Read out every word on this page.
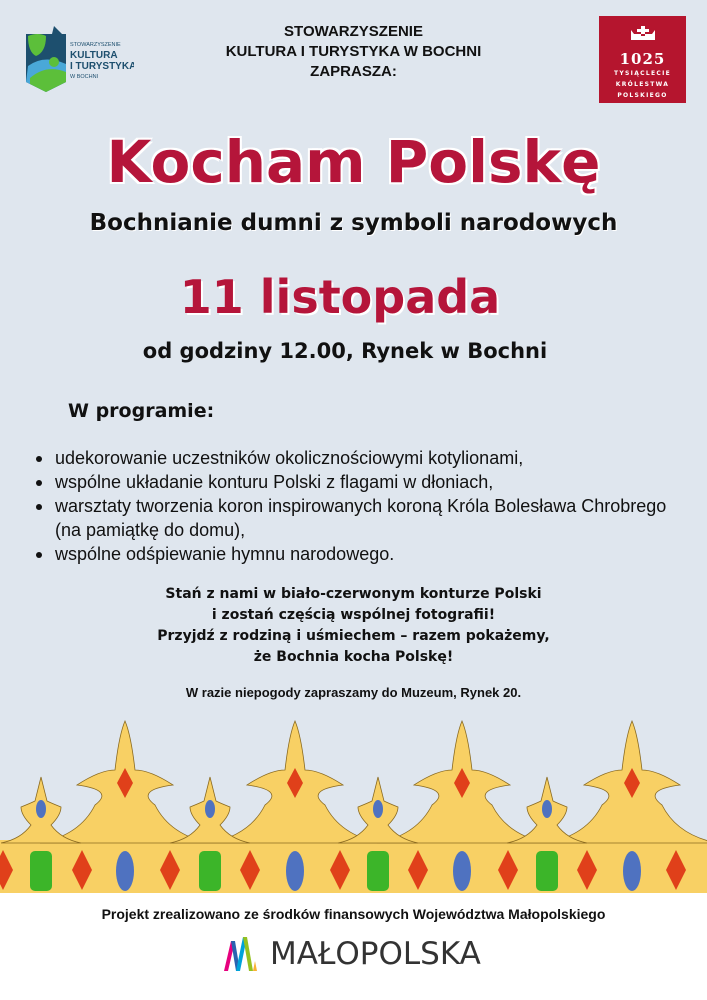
STOWARZYSZENIE
KULTURA
I TURYSTYKA
W BOCHNI
STOWARZYSZENIE
KULTURA I TURYSTYKA W BOCHNI
ZAPRASZA:
1025
TYSIĄCLECIE
KRÓLESTWA
POLSKIEGO
Kocham Polskę
Bochnianie dumni z symboli narodowych
11 listopada
od godziny 12.00, Rynek w Bochni
W programie:
udekorowanie uczestników okolicznościowymi kotylionami,
wspólne układanie konturu Polski z flagami w dłoniach,
warsztaty tworzenia koron inspirowanych koroną Króla Bolesława Chrobrego (na pamiątkę do domu),
wspólne odśpiewanie hymnu narodowego.
Stań z nami w biało-czerwonym konturze Polski
i zostań częścią wspólnej fotografii!
Przyjdź z rodziną i uśmiechem – razem pokażemy,
że Bochnia kocha Polskę!
W razie niepogody zapraszamy do Muzeum, Rynek 20.
Projekt zrealizowano ze środków finansowych Województwa Małopolskiego
MAŁOPOLSKA
